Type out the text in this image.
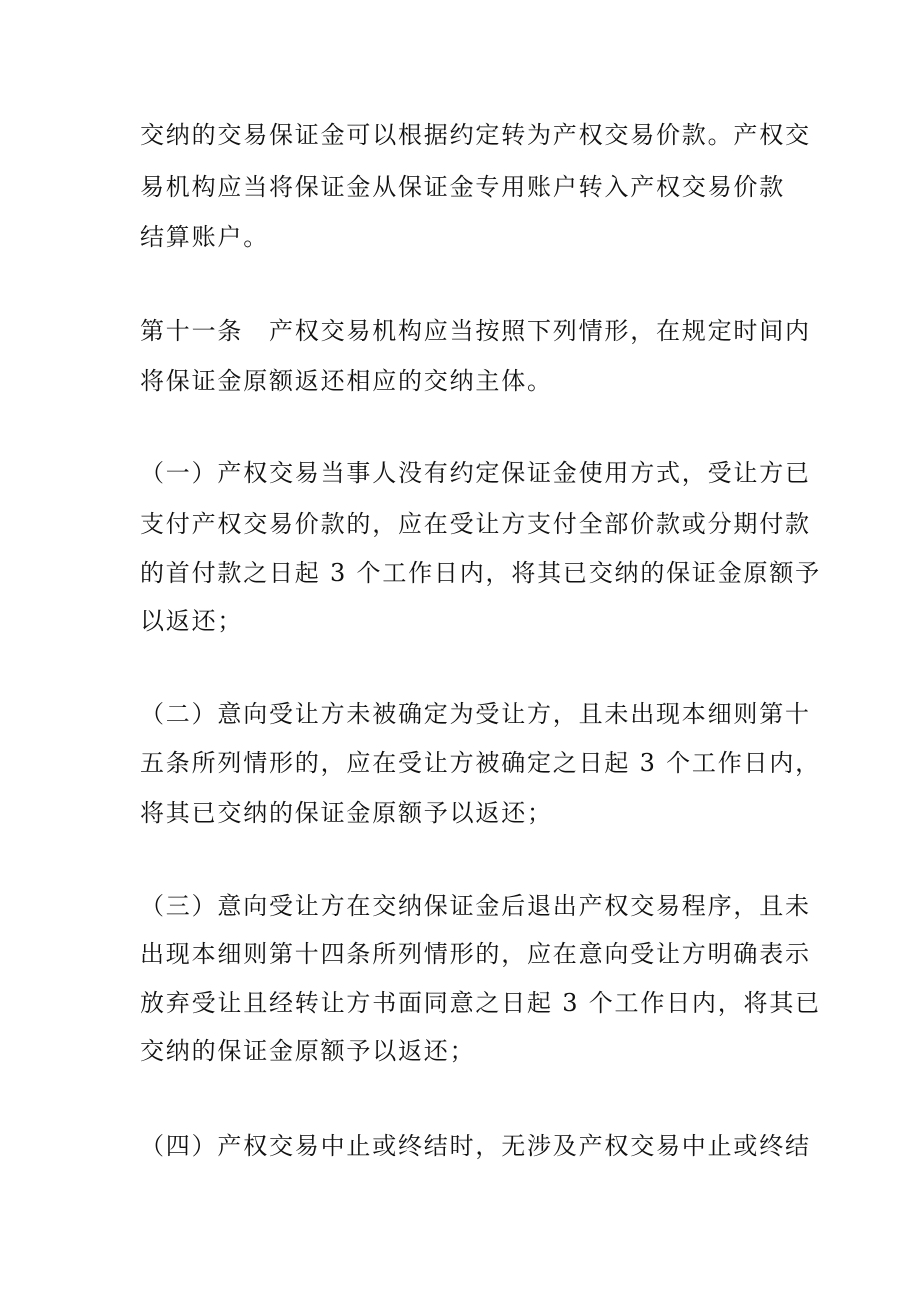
交纳的交易保证金可以根据约定转为产权交易价款。产权交
易机构应当将保证金从保证金专用账户转入产权交易价款
结算账户。
第十一条　产权交易机构应当按照下列情形，在规定时间内
将保证金原额返还相应的交纳主体。
（一）产权交易当事人没有约定保证金使用方式，受让方已
支付产权交易价款的，应在受让方支付全部价款或分期付款
的首付款之日起 3 个工作日内，将其已交纳的保证金原额予
以返还；
（二）意向受让方未被确定为受让方，且未出现本细则第十
五条所列情形的，应在受让方被确定之日起 3 个工作日内，
将其已交纳的保证金原额予以返还；
（三）意向受让方在交纳保证金后退出产权交易程序，且未
出现本细则第十四条所列情形的，应在意向受让方明确表示
放弃受让且经转让方书面同意之日起 3 个工作日内，将其已
交纳的保证金原额予以返还；
（四）产权交易中止或终结时，无涉及产权交易中止或终结
